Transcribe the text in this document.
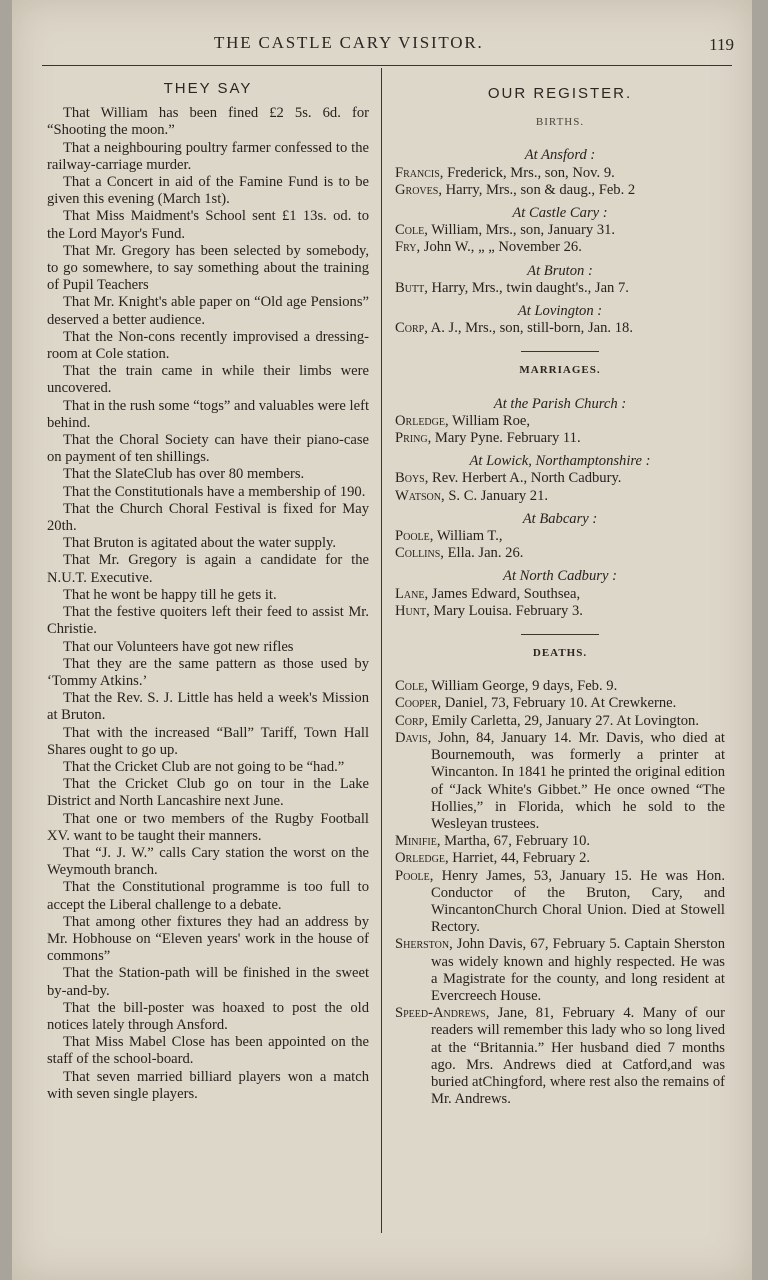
THE CASTLE CARY VISITOR.	119
THEY SAY

That William has been fined £2 5s. 6d. for “Shooting the moon.”

That a neighbouring poultry farmer confessed to the railway-carriage murder.

That a Concert in aid of the Famine Fund is to be given this evening (March 1st).

That Miss Maidment's School sent £1 13s. od. to the Lord Mayor's Fund.

That Mr. Gregory has been selected by somebody, to go somewhere, to say something about the training of Pupil Teachers

That Mr. Knight's able paper on “Old age Pensions” deserved a better audience.

That the Non-cons recently improvised a dressing-room at Cole station.

That the train came in while their limbs were uncovered.

That in the rush some “togs” and valuables were left behind.

That the Choral Society can have their piano-case on payment of ten shillings.

That the SlateClub has over 80 members.

That the Constitutionals have a membership of 190.

That the Church Choral Festival is fixed for May 20th.

That Bruton is agitated about the water supply.

That Mr. Gregory is again a candidate for the N.U.T. Executive.

That he wont be happy till he gets it.

That the festive quoiters left their feed to assist Mr. Christie.

That our Volunteers have got new rifles

That they are the same pattern as those used by ‘Tommy Atkins.’

That the Rev. S. J. Little has held a week's Mission at Bruton.

That with the increased “Ball” Tariff, Town Hall Shares ought to go up.

That the Cricket Club are not going to be “had.”

That the Cricket Club go on tour in the Lake District and North Lancashire next June.

That one or two members of the Rugby Football XV. want to be taught their manners.

That “J. J. W.” calls Cary station the worst on the Weymouth branch.

That the Constitutional programme is too full to accept the Liberal challenge to a debate.

That among other fixtures they had an address by Mr. Hobhouse on “Eleven years' work in the house of commons”

That the Station-path will be finished in the sweet by-and-by.

That the bill-poster was hoaxed to post the old notices lately through Ansford.

That Miss Mabel Close has been appointed on the staff of the school-board.

That seven married billiard players won a match with seven single players.

OUR REGISTER.
BIRTHS.

At Ansford :

Francis, Frederick, Mrs., son, Nov. 9.

Groves, Harry, Mrs., son & daug., Feb. 2

At Castle Cary :

Cole, William, Mrs., son, January 31.

Fry, John W., „ „ November 26.

At Bruton :

Butt, Harry, Mrs., twin daught's., Jan 7.

At Lovington :

Corp, A. J., Mrs., son, still-born, Jan. 18.

MARRIAGES.

At the Parish Church :

Orledge, William Roe,

Pring, Mary Pyne. February 11.

At Lowick, Northamptonshire :

Boys, Rev. Herbert A., North Cadbury.

Watson, S. C. January 21.

At Babcary :

Poole, William T.,

Collins, Ella. Jan. 26.

At North Cadbury :

Lane, James Edward, Southsea,

Hunt, Mary Louisa. February 3.

DEATHS.

Cole, William George, 9 days, Feb. 9.

Cooper, Daniel, 73, February 10. At Crewkerne.

Corp, Emily Carletta, 29, January 27. At Lovington.

Davis, John, 84, January 14. Mr. Davis, who died at Bournemouth, was formerly a printer at Wincanton. In 1841 he printed the original edition of “Jack White's Gibbet.” He once owned “The Hollies,” in Florida, which he sold to the Wesleyan trustees.

Minifie, Martha, 67, February 10.

Orledge, Harriet, 44, February 2.

Poole, Henry James, 53, January 15. He was Hon. Conductor of the Bruton, Cary, and WincantonChurch Choral Union. Died at Stowell Rectory.

Sherston, John Davis, 67, February 5. Captain Sherston was widely known and highly respected. He was a Magistrate for the county, and long resident at Evercreech House.

Speed-Andrews, Jane, 81, February 4. Many of our readers will remember this lady who so long lived at the “Britannia.” Her husband died 7 months ago. Mrs. Andrews died at Catford,and was buried atChingford, where rest also the remains of Mr. Andrews.
